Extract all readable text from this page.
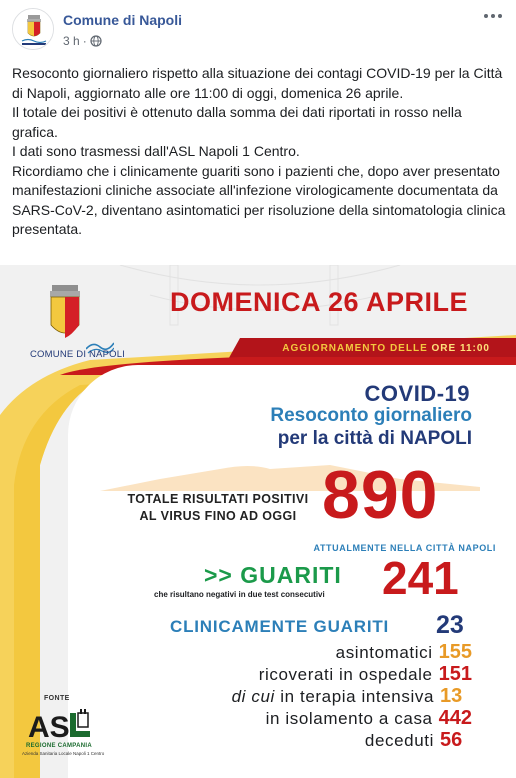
Comune di Napoli
3 h ·

Resoconto giornaliero rispetto alla situazione dei contagi COVID-19 per la Città di Napoli, aggiornato alle ore 11:00 di oggi, domenica 26 aprile.

Il totale dei positivi è ottenuto dalla somma dei dati riportati in rosso nella grafica.

I dati sono trasmessi dall'ASL Napoli 1 Centro.

Ricordiamo che i clinicamente guariti sono i pazienti che, dopo aver presentato manifestazioni cliniche associate all'infezione virologicamente documentata da SARS-CoV-2, diventano asintomatici per risoluzione della sintomatologia clinica presentata.

COMUNE DI NAPOLI
DOMENICA 26 APRILE
AGGIORNAMENTO DELLE ORE 11:00
COVID-19
Resoconto giornaliero
per la città di NAPOLI
TOTALE RISULTATI POSITIVI
AL VIRUS FINO AD OGGI 890
ATTUALMENTE NELLA CITTÀ NAPOLI
>> GUARITI
che risultano negativi in due test consecutivi 241
CLINICAMENTE GUARITI 23
asintomatici 155
ricoverati in ospedale 151
di cui in terapia intensiva 13
in isolamento a casa 442
deceduti 56
FONTE
AS
REGIONE CAMPANIA
Azienda Sanitaria Locale Napoli 1 Centro
